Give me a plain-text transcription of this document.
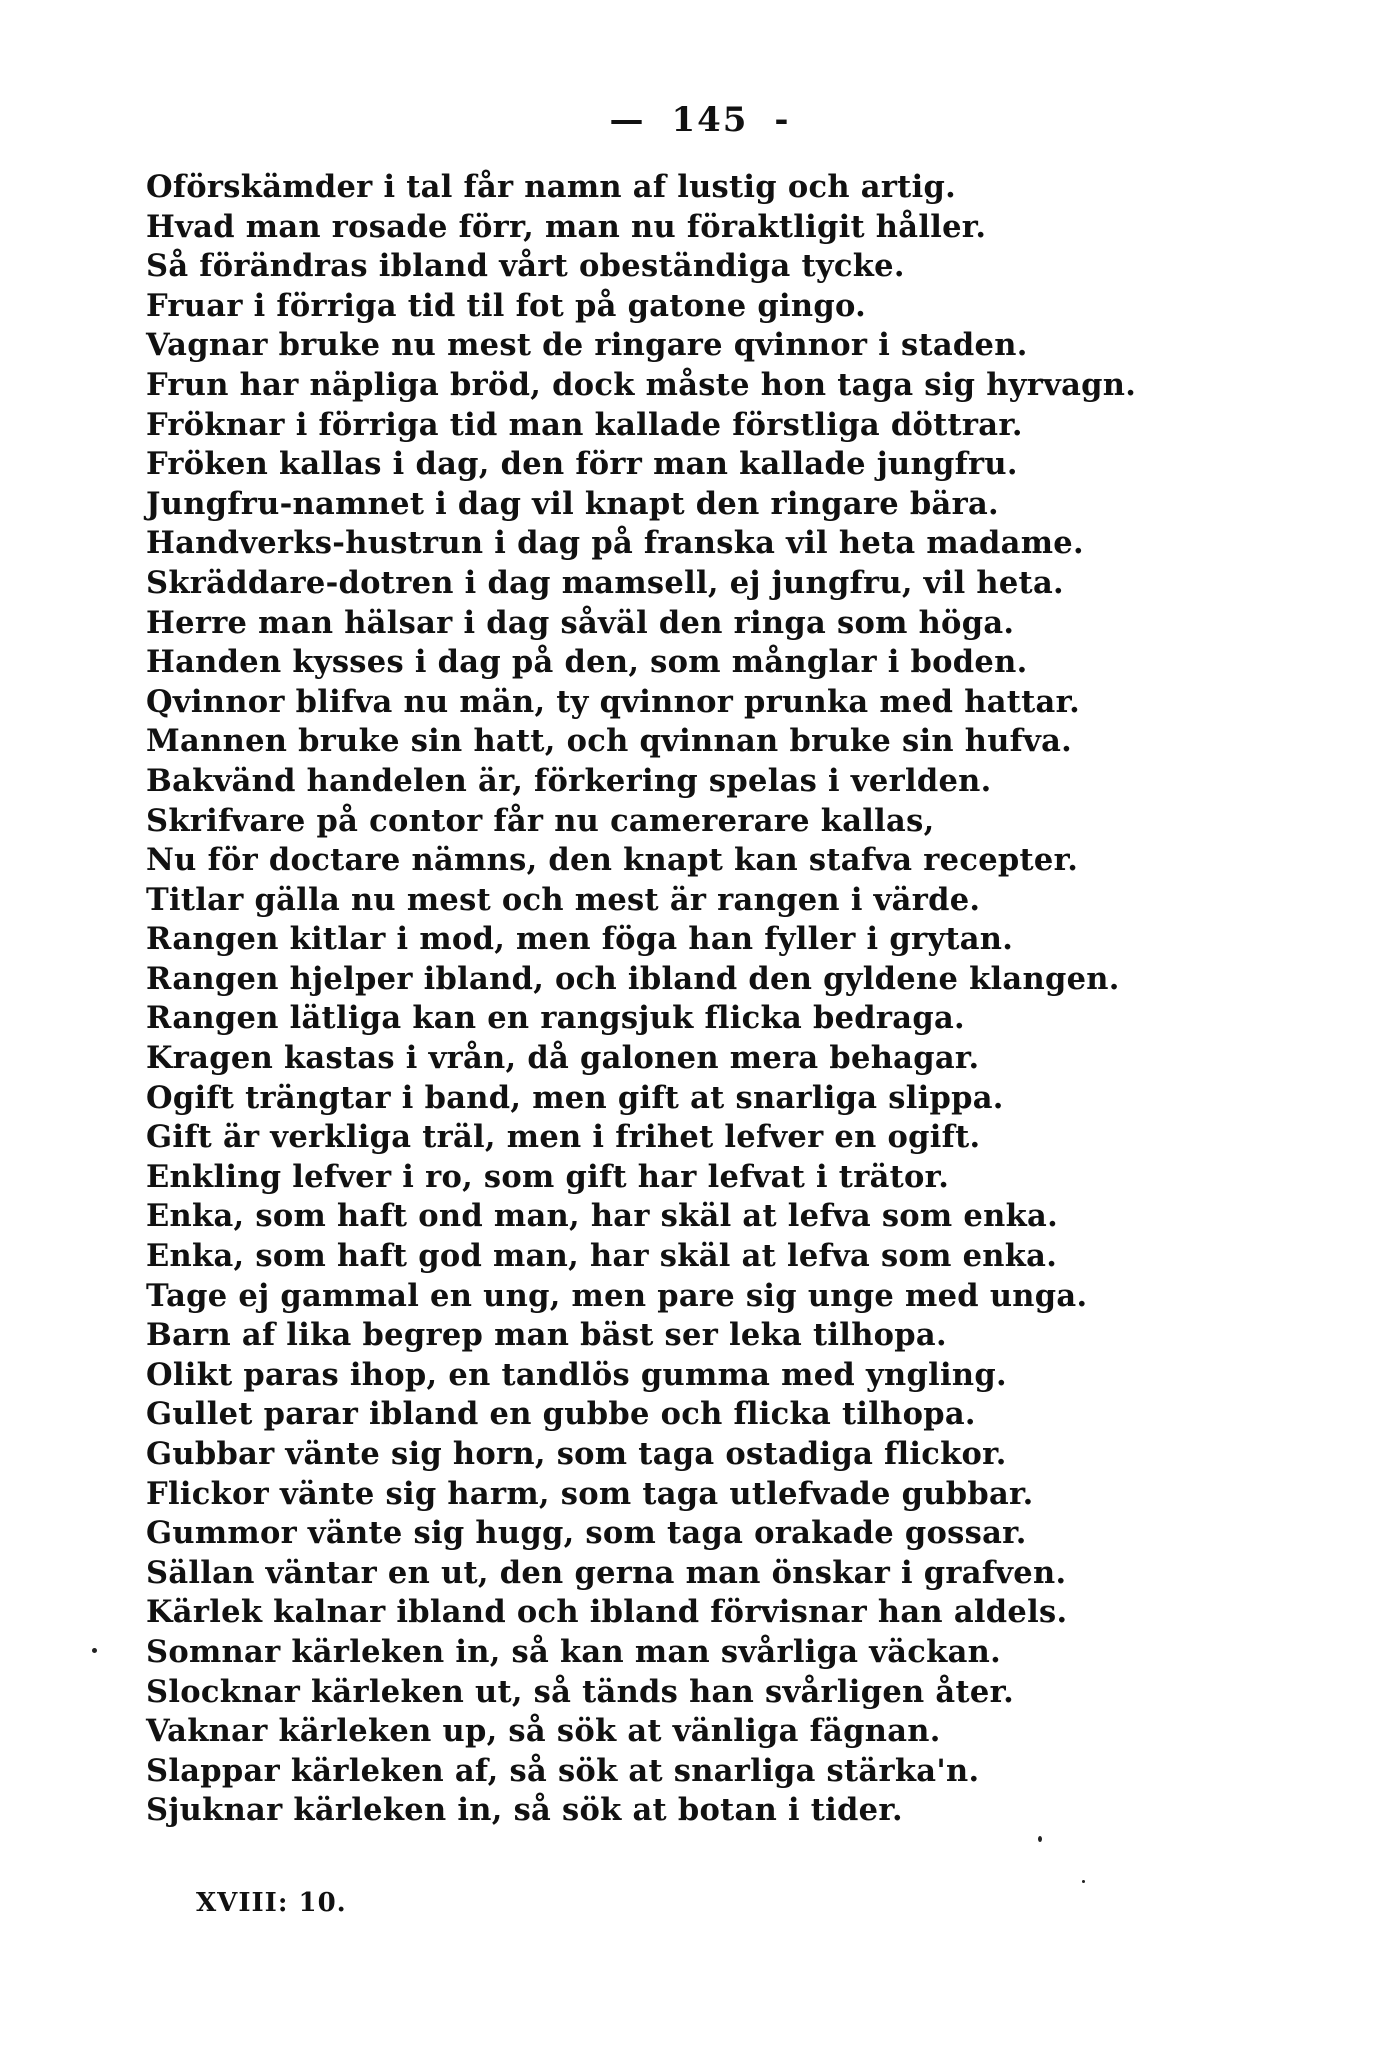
— 145 -
Oförskämder i tal får namn af lustig och artig.
Hvad man rosade förr, man nu föraktligit håller.
Så förändras ibland vårt obeständiga tycke.
Fruar i förriga tid til fot på gatone gingo.
Vagnar bruke nu mest de ringare qvinnor i staden.
Frun har näpliga bröd, dock måste hon taga sig hyrvagn.
Fröknar i förriga tid man kallade förstliga döttrar.
Fröken kallas i dag, den förr man kallade jungfru.
Jungfru-namnet i dag vil knapt den ringare bära.
Handverks-hustrun i dag på franska vil heta madame.
Skräddare-dotren i dag mamsell, ej jungfru, vil heta.
Herre man hälsar i dag såväl den ringa som höga.
Handen kysses i dag på den, som månglar i boden.
Qvinnor blifva nu män, ty qvinnor prunka med hattar.
Mannen bruke sin hatt, och qvinnan bruke sin hufva.
Bakvänd handelen är, förkering spelas i verlden.
Skrifvare på contor får nu camererare kallas,
Nu för doctare nämns, den knapt kan stafva recepter.
Titlar gälla nu mest och mest är rangen i värde.
Rangen kitlar i mod, men föga han fyller i grytan.
Rangen hjelper ibland, och ibland den gyldene klangen.
Rangen lätliga kan en rangsjuk flicka bedraga.
Kragen kastas i vrån, då galonen mera behagar.
Ogift trängtar i band, men gift at snarliga slippa.
Gift är verkliga träl, men i frihet lefver en ogift.
Enkling lefver i ro, som gift har lefvat i trätor.
Enka, som haft ond man, har skäl at lefva som enka.
Enka, som haft god man, har skäl at lefva som enka.
Tage ej gammal en ung, men pare sig unge med unga.
Barn af lika begrep man bäst ser leka tilhopa.
Olikt paras ihop, en tandlös gumma med yngling.
Gullet parar ibland en gubbe och flicka tilhopa.
Gubbar vänte sig horn, som taga ostadiga flickor.
Flickor vänte sig harm, som taga utlefvade gubbar.
Gummor vänte sig hugg, som taga orakade gossar.
Sällan väntar en ut, den gerna man önskar i grafven.
Kärlek kalnar ibland och ibland förvisnar han aldels.
Somnar kärleken in, så kan man svårliga väckan.
Slocknar kärleken ut, så tänds han svårligen åter.
Vaknar kärleken up, så sök at vänliga fägnan.
Slappar kärleken af, så sök at snarliga stärka'n.
Sjuknar kärleken in, så sök at botan i tider.
XVIII: 10.
